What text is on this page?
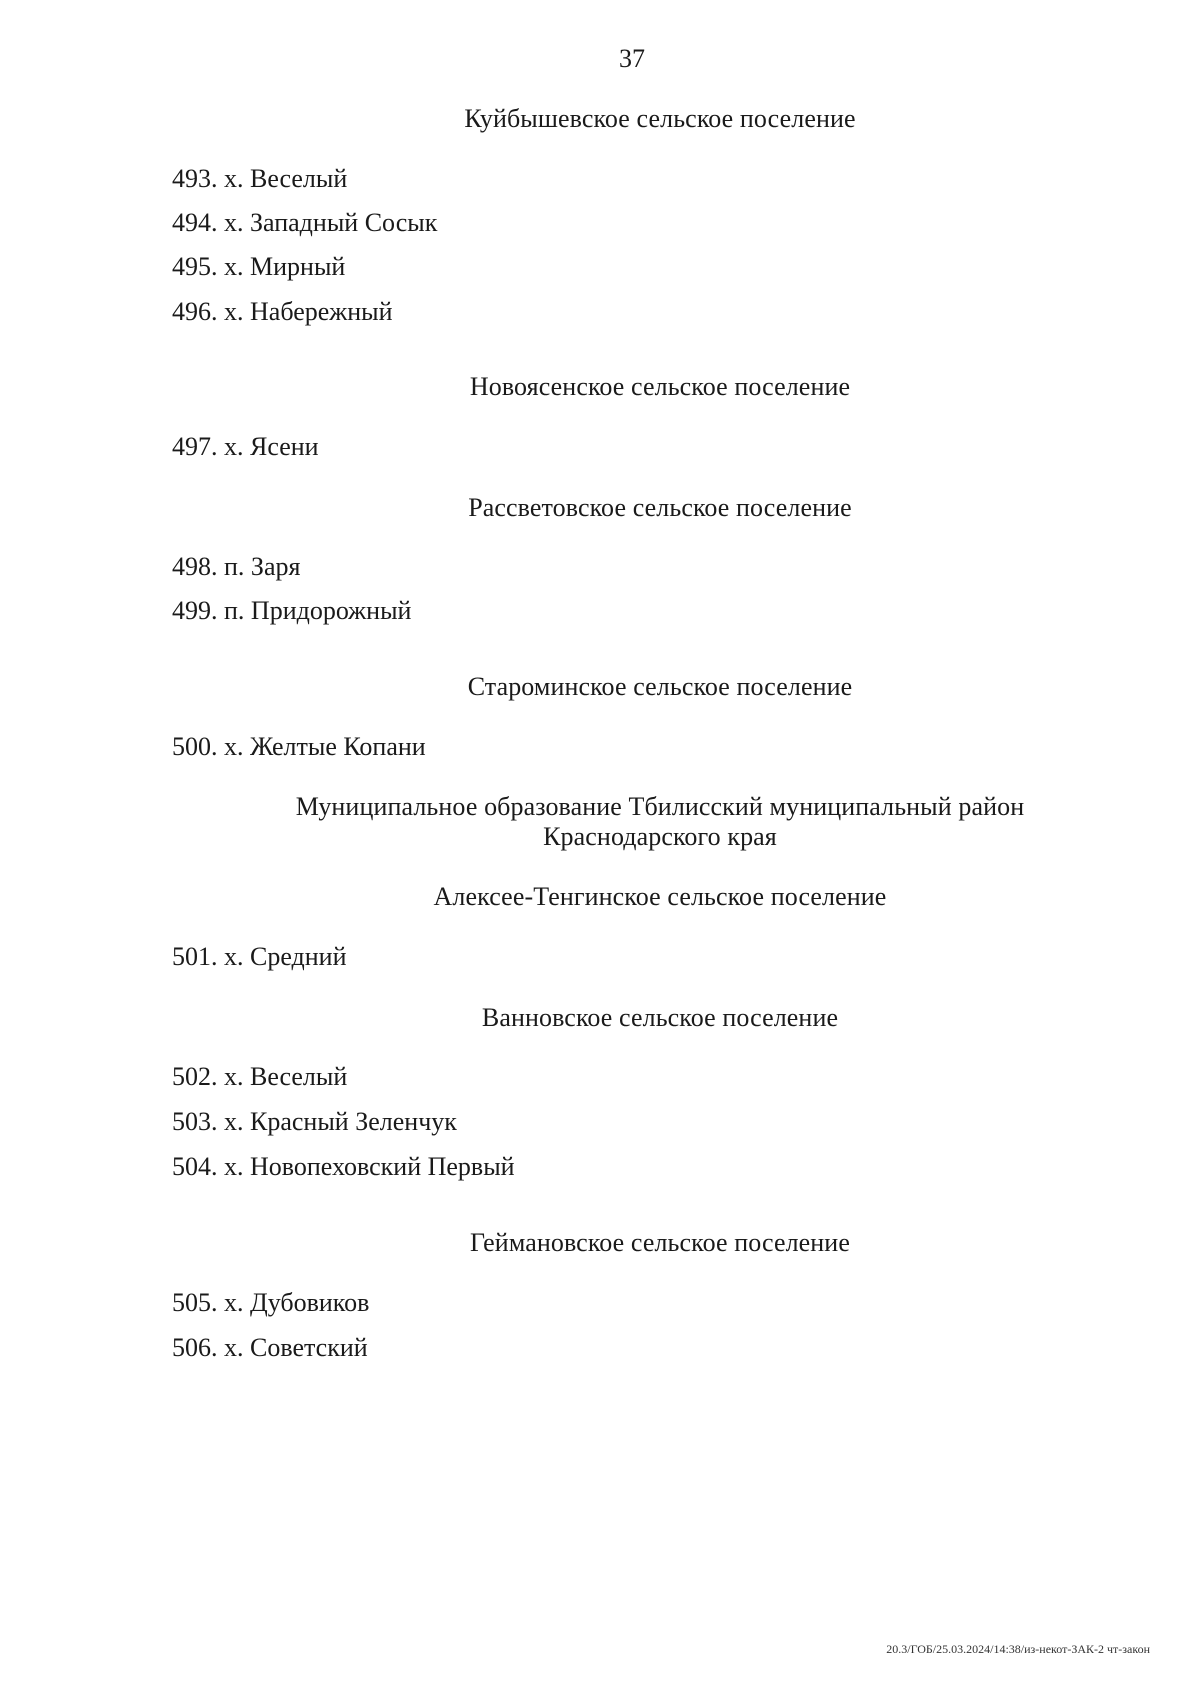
37
Куйбышевское сельское поселение
493. х. Веселый
494. х. Западный Сосык
495. х. Мирный
496. х. Набережный
Новоясенское сельское поселение
497. х. Ясени
Рассветовское сельское поселение
498. п. Заря
499. п. Придорожный
Староминское сельское поселение
500. х. Желтые Копани
Муниципальное образование Тбилисский муниципальный район
Краснодарского края
Алексее-Тенгинское сельское поселение
501. х. Средний
Ванновское сельское поселение
502. х. Веселый
503. х. Красный Зеленчук
504. х. Новопеховский Первый
Геймановское сельское поселение
505. х. Дубовиков
506. х. Советский
20.3/ГОБ/25.03.2024/14:38/из-некот-ЗАК-2 чт-закон
